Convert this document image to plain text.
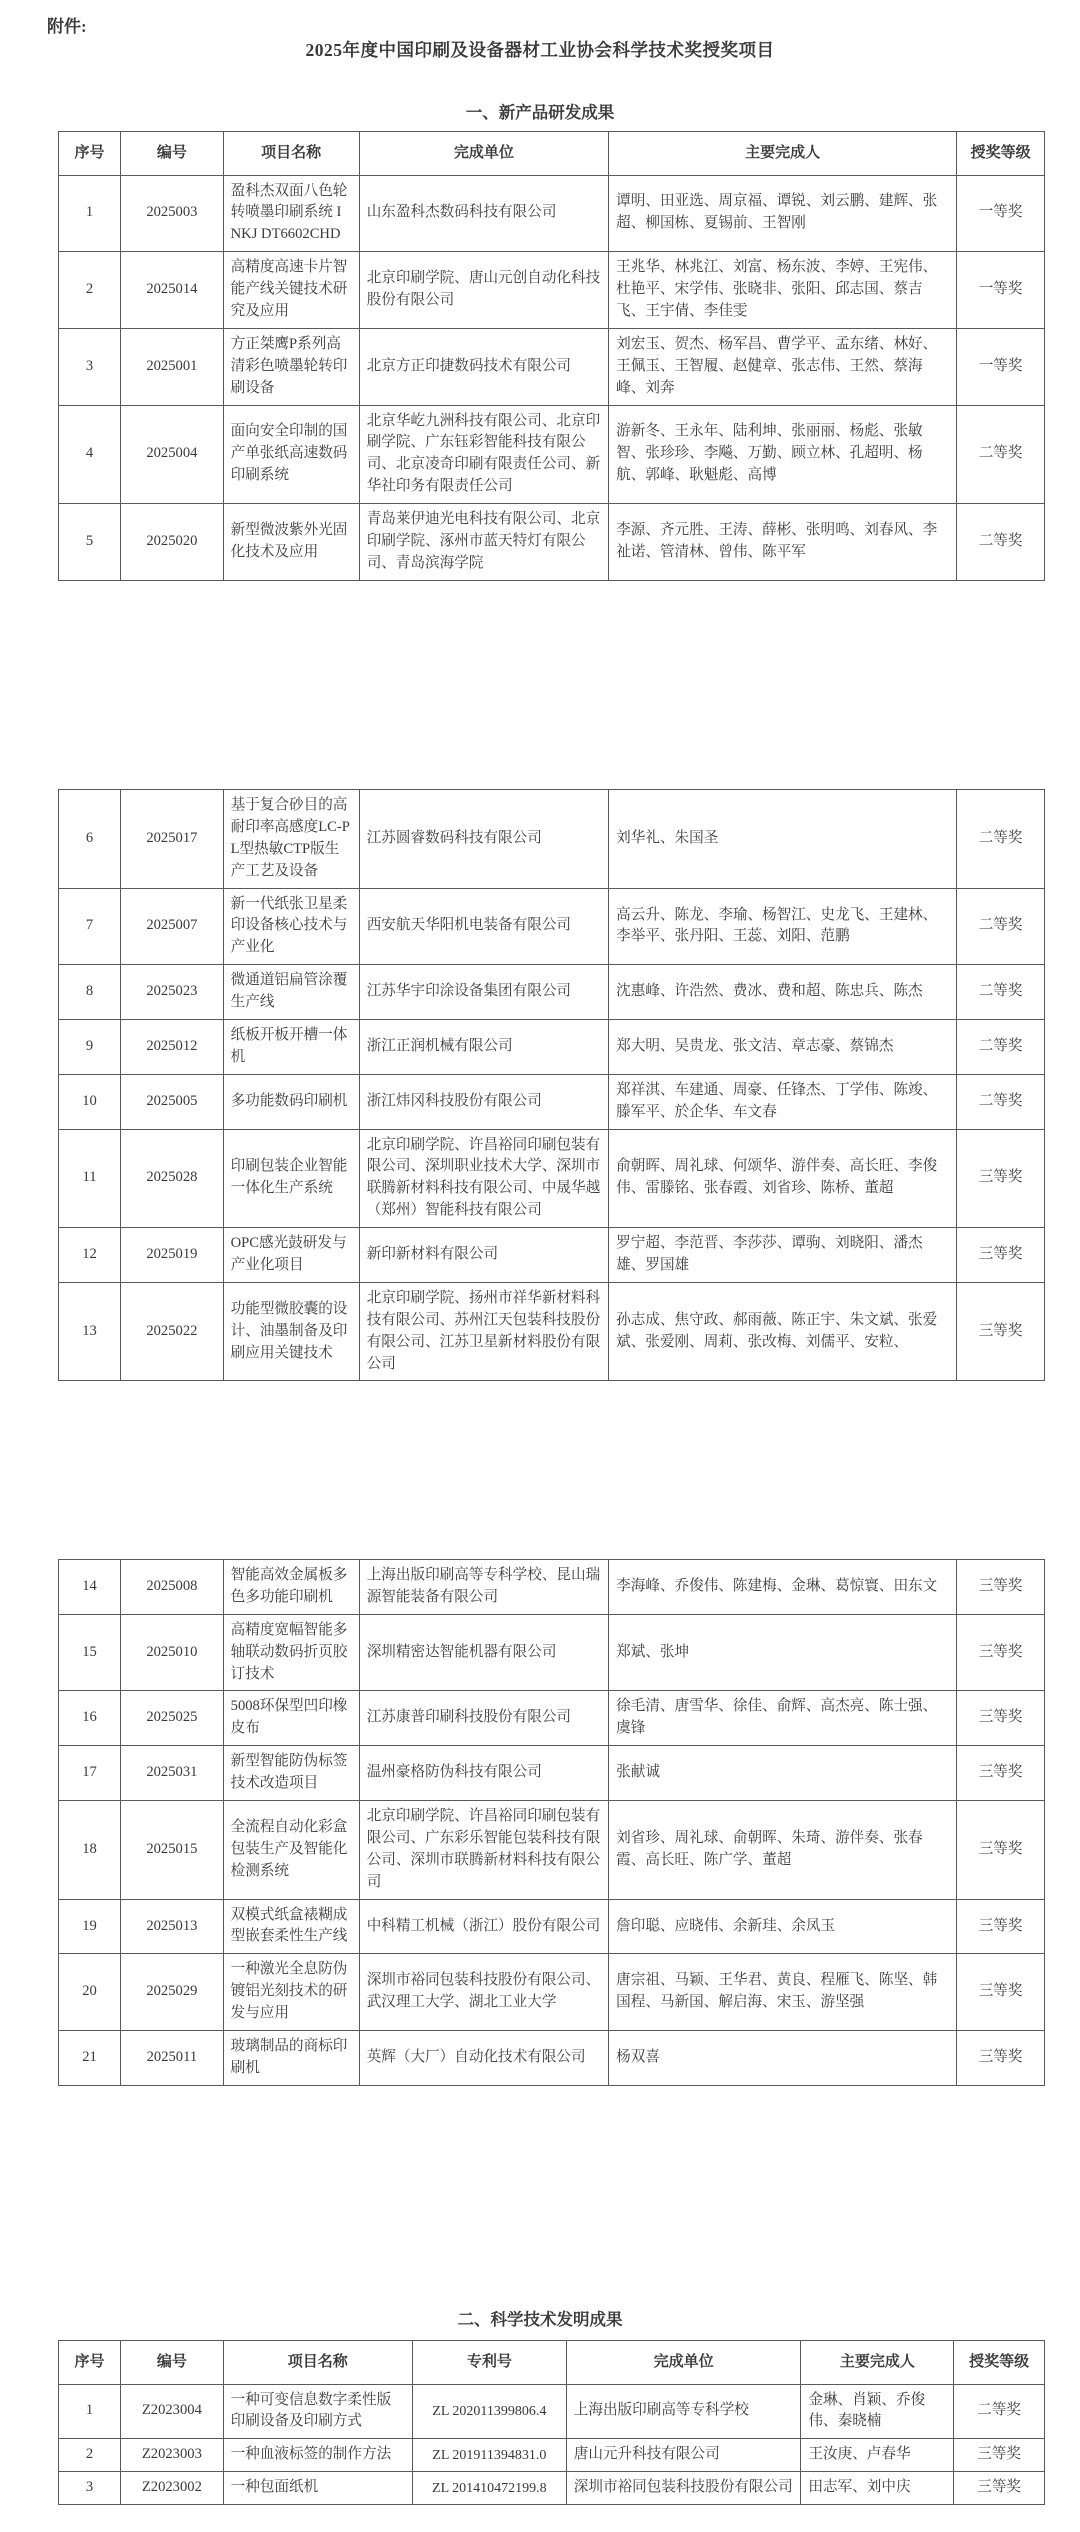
附件:
2025年度中国印刷及设备器材工业协会科学技术奖授奖项目
一、新产品研发成果
序号	编号	项目名称	完成单位	主要完成人	授奖等级
1	2025003	盈科杰双面八色轮转喷墨印刷系统 INKJ DT6602CHD	山东盈科杰数码科技有限公司	谭明、田亚选、周京福、谭锐、刘云鹏、建辉、张超、柳国栋、夏锡前、王智刚	一等奖
2	2025014	高精度高速卡片智能产线关键技术研究及应用	北京印刷学院、唐山元创自动化科技股份有限公司	王兆华、林兆江、刘富、杨东波、李婷、王宪伟、杜艳平、宋学伟、张晓非、张阳、邱志国、蔡吉飞、王宇倩、李佳雯	一等奖
3	2025001	方正桀鹰P系列高清彩色喷墨轮转印刷设备	北京方正印捷数码技术有限公司	刘宏玉、贺杰、杨军昌、曹学平、孟东绪、林好、王佩玉、王智履、赵健章、张志伟、王然、蔡海峰、刘奔	一等奖
4	2025004	面向安全印制的国产单张纸高速数码印刷系统	北京华屹九洲科技有限公司、北京印刷学院、广东钰彩智能科技有限公司、北京凌奇印刷有限责任公司、新华社印务有限责任公司	游新冬、王永年、陆利坤、张丽丽、杨彪、张敏智、张珍珍、李飚、万勤、顾立林、孔超明、杨航、郭峰、耿魁彪、高博	二等奖
5	2025020	新型微波紫外光固化技术及应用	青岛莱伊迪光电科技有限公司、北京印刷学院、涿州市蓝天特灯有限公司、青岛滨海学院	李源、齐元胜、王涛、薛彬、张明鸣、刘春风、李祉诺、管清林、曾伟、陈平军	二等奖
6	2025017	基于复合砂目的高耐印率高感度LC-PL型热敏CTP版生产工艺及设备	江苏圆睿数码科技有限公司	刘华礼、朱国圣	二等奖
7	2025007	新一代纸张卫星柔印设备核心技术与产业化	西安航天华阳机电装备有限公司	高云升、陈龙、李瑜、杨智江、史龙飞、王建林、李举平、张丹阳、王蕊、刘阳、范鹏	二等奖
8	2025023	微通道铝扁管涂覆生产线	江苏华宇印涂设备集团有限公司	沈惠峰、许浩然、费冰、费和超、陈忠兵、陈杰	二等奖
9	2025012	纸板开板开槽一体机	浙江正润机械有限公司	郑大明、吴贵龙、张文洁、章志豪、蔡锦杰	二等奖
10	2025005	多功能数码印刷机	浙江炜冈科技股份有限公司	郑祥淇、车建通、周豪、任锋杰、丁学伟、陈竣、滕军平、於企华、车文春	二等奖
11	2025028	印刷包装企业智能一体化生产系统	北京印刷学院、许昌裕同印刷包装有限公司、深圳职业技术大学、深圳市联腾新材料科技有限公司、中晟华越（郑州）智能科技有限公司	俞朝晖、周礼球、何颂华、游伴奏、高长旺、李俊伟、雷滕铭、张春霞、刘省珍、陈桥、董超	三等奖
12	2025019	OPC感光鼓研发与产业化项目	新印新材料有限公司	罗宁超、李范晋、李莎莎、谭驹、刘晓阳、潘杰雄、罗国雄	三等奖
13	2025022	功能型微胶囊的设计、油墨制备及印刷应用关键技术	北京印刷学院、扬州市祥华新材料科技有限公司、苏州江天包装科技股份有限公司、江苏卫星新材料股份有限公司	孙志成、焦守政、郝雨薇、陈正宇、朱文斌、张爱斌、张爱刚、周莉、张改梅、刘儒平、安粒、	三等奖
14	2025008	智能高效金属板多色多功能印刷机	上海出版印刷高等专科学校、昆山瑞源智能装备有限公司	李海峰、乔俊伟、陈建梅、金琳、葛惊寰、田东文	三等奖
15	2025010	高精度宽幅智能多轴联动数码折页胶订技术	深圳精密达智能机器有限公司	郑斌、张坤	三等奖
16	2025025	5008环保型凹印橡皮布	江苏康普印刷科技股份有限公司	徐毛清、唐雪华、徐佳、俞辉、高杰亮、陈士强、虞锋	三等奖
17	2025031	新型智能防伪标签技术改造项目	温州豪格防伪科技有限公司	张献诚	三等奖
18	2025015	全流程自动化彩盒包装生产及智能化检测系统	北京印刷学院、许昌裕同印刷包装有限公司、广东彩乐智能包装科技有限公司、深圳市联腾新材料科技有限公司	刘省珍、周礼球、俞朝晖、朱琦、游伴奏、张春霞、高长旺、陈广学、董超	三等奖
19	2025013	双模式纸盒裱糊成型嵌套柔性生产线	中科精工机械（浙江）股份有限公司	詹印聪、应晓伟、余新珪、余凤玉	三等奖
20	2025029	一种激光全息防伪镀铝光刻技术的研发与应用	深圳市裕同包装科技股份有限公司、武汉理工大学、湖北工业大学	唐宗祖、马颖、王华君、黄良、程雁飞、陈坚、韩国程、马新国、解启海、宋玉、游坚强	三等奖
21	2025011	玻璃制品的商标印刷机	英辉（大厂）自动化技术有限公司	杨双喜	三等奖
二、科学技术发明成果
序号	编号	项目名称	专利号	完成单位	主要完成人	授奖等级
1	Z2023004	一种可变信息数字柔性版印刷设备及印刷方式	ZL 202011399806.4	上海出版印刷高等专科学校	金琳、肖颖、乔俊伟、秦晓楠	二等奖
2	Z2023003	一种血液标签的制作方法	ZL 201911394831.0	唐山元升科技有限公司	王汝庚、卢春华	三等奖
3	Z2023002	一种包面纸机	ZL 201410472199.8	深圳市裕同包装科技股份有限公司	田志军、刘中庆	三等奖
